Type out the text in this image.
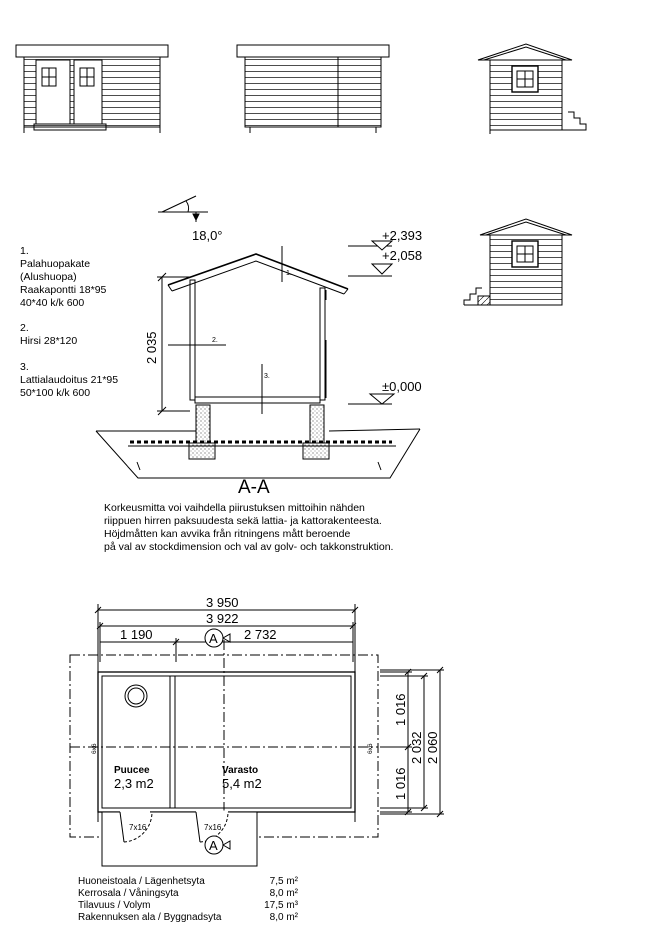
18,0°	+2,393
+2,058
±0,000
2 035
1.
2.
3.
A-A
3 950
3 922
1 190	2 732
A
A
1 016
1 016
2 032 2 060
6x6	6x6
7x16	7x16
Puucee
2,3 m2
Varasto
5,4 m2
1.
Palahuopakate
(Alushuopa)
Raakapontti 18*95
40*40 k/k 600
2.
Hirsi 28*120
3.
Lattialaudoitus 21*95
50*100 k/k 600
Korkeusmitta voi vaihdella piirustuksen mittoihin nähden
riippuen hirren paksuudesta sekä lattia- ja kattorakenteesta.
Höjdmåtten kan avvika från ritningens mått beroende
på val av stockdimension och val av golv- och takkonstruktion.
Huoneistoala / Lägenhetsyta	7,5 m²
Kerrosala / Våningsyta	8,0 m²
Tilavuus / Volym	17,5 m³
Rakennuksen ala / Byggnadsyta	8,0 m²
